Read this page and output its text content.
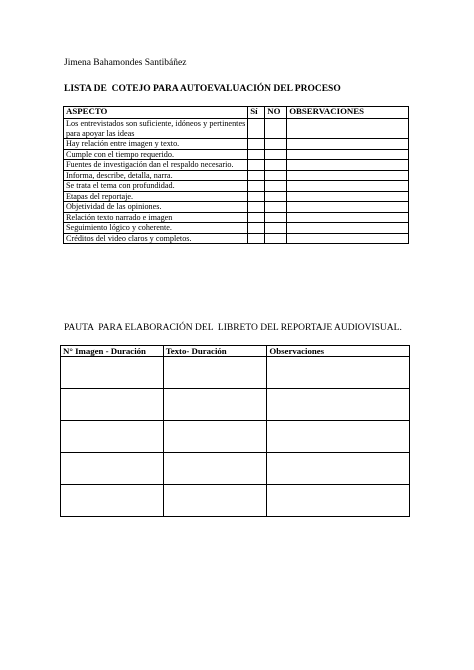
Jimena Bahamondes Santibáñez
LISTA DE  COTEJO PARA AUTOEVALUACIÓN DEL PROCESO
ASPECTO	Sí	NO	OBSERVACIONES
Los entrevistados son suficiente, idóneos y pertinentes para apoyar las ideas			
Hay relación entre imagen y texto.			
Cumple con el tiempo requerido.			
Fuentes de investigación dan el respaldo necesario.			
Informa, describe, detalla, narra.			
Se trata el tema con profundidad.			
Etapas del reportaje.			
Objetividad de las opiniones.			
Relación texto narrado e imagen			
Seguimiento lógico y coherente.			
Créditos del video claros y completos.			
PAUTA  PARA ELABORACIÓN DEL  LIBRETO DEL REPORTAJE AUDIOVISUAL.
N° Imagen - Duración	Texto- Duración	Observaciones
